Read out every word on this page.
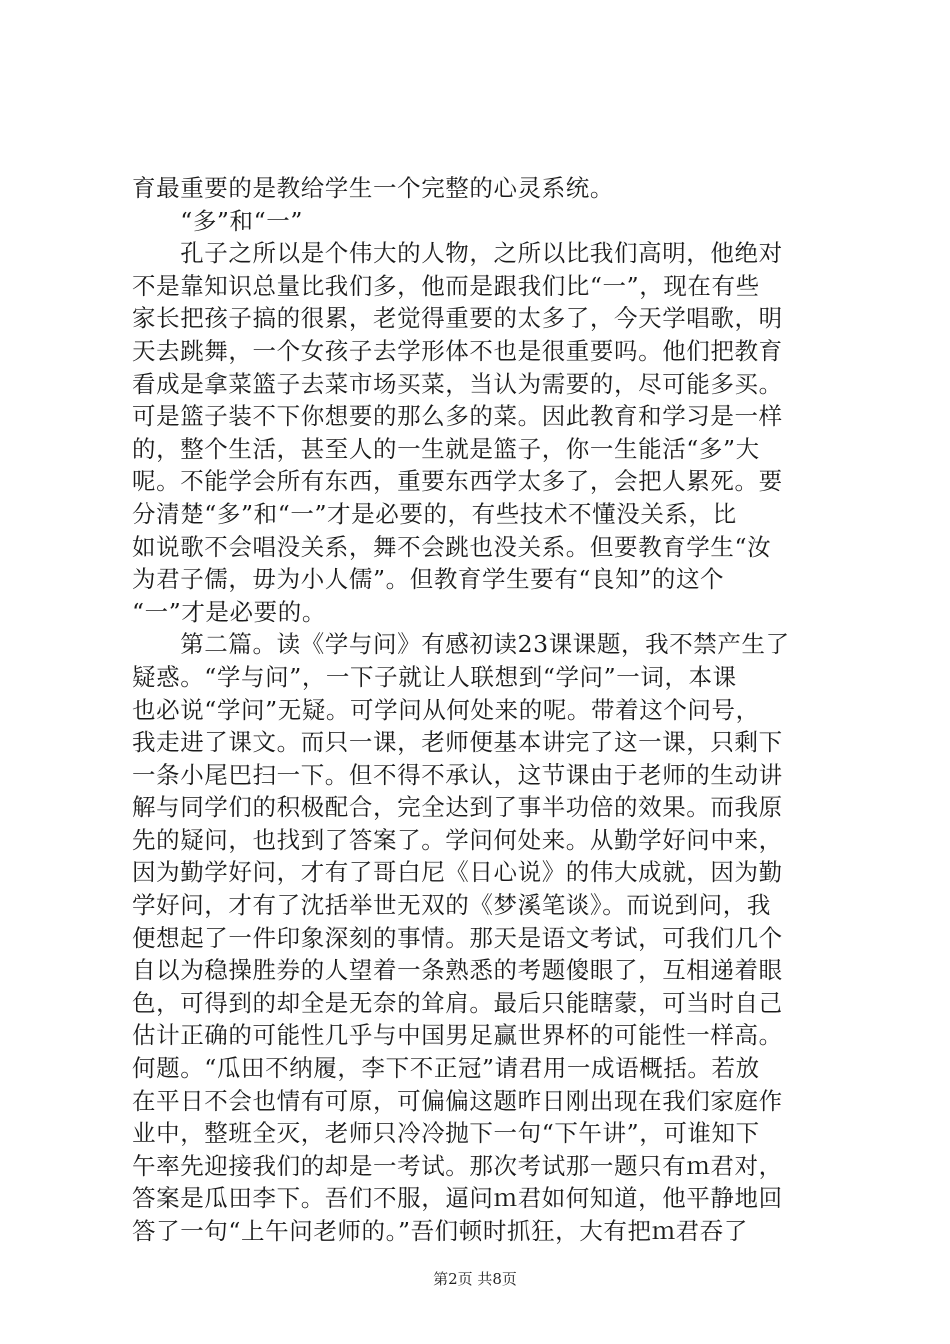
育最重要的是教给学生一个完整的心灵系统。
　　“多”和“一”
　　孔子之所以是个伟大的人物，之所以比我们高明，他绝对
不是靠知识总量比我们多，他而是跟我们比“一”，现在有些
家长把孩子搞的很累，老觉得重要的太多了，今天学唱歌，明
天去跳舞，一个女孩子去学形体不也是很重要吗。他们把教育
看成是拿菜篮子去菜市场买菜，当认为需要的，尽可能多买。
可是篮子装不下你想要的那么多的菜。因此教育和学习是一样
的，整个生活，甚至人的一生就是篮子，你一生能活“多”大
呢。不能学会所有东西，重要东西学太多了，会把人累死。要
分清楚“多”和“一”才是必要的，有些技术不懂没关系，比
如说歌不会唱没关系，舞不会跳也没关系。但要教育学生“汝
为君子儒，毋为小人儒”。但教育学生要有“良知”的这个
“一”才是必要的。
　　第二篇。读《学与问》有感初读23课课题，我不禁产生了
疑惑。“学与问”，一下子就让人联想到“学问”一词，本课
也必说“学问”无疑。可学问从何处来的呢。带着这个问号，
我走进了课文。而只一课，老师便基本讲完了这一课，只剩下
一条小尾巴扫一下。但不得不承认，这节课由于老师的生动讲
解与同学们的积极配合，完全达到了事半功倍的效果。而我原
先的疑问，也找到了答案了。学问何处来。从勤学好问中来，
因为勤学好问，才有了哥白尼《日心说》的伟大成就，因为勤
学好问，才有了沈括举世无双的《梦溪笔谈》。而说到问，我
便想起了一件印象深刻的事情。那天是语文考试，可我们几个
自以为稳操胜券的人望着一条熟悉的考题傻眼了，互相递着眼
色，可得到的却全是无奈的耸肩。最后只能瞎蒙，可当时自己
估计正确的可能性几乎与中国男足赢世界杯的可能性一样高。
何题。“瓜田不纳履，李下不正冠”请君用一成语概括。若放
在平日不会也情有可原，可偏偏这题昨日刚出现在我们家庭作
业中，整班全灭，老师只冷冷抛下一句“下午讲”，可谁知下
午率先迎接我们的却是一考试。那次考试那一题只有ｍ君对，
答案是瓜田李下。吾们不服，逼问ｍ君如何知道，他平静地回
答了一句“上午问老师的。”吾们顿时抓狂，大有把ｍ君吞了
第2页 共8页
